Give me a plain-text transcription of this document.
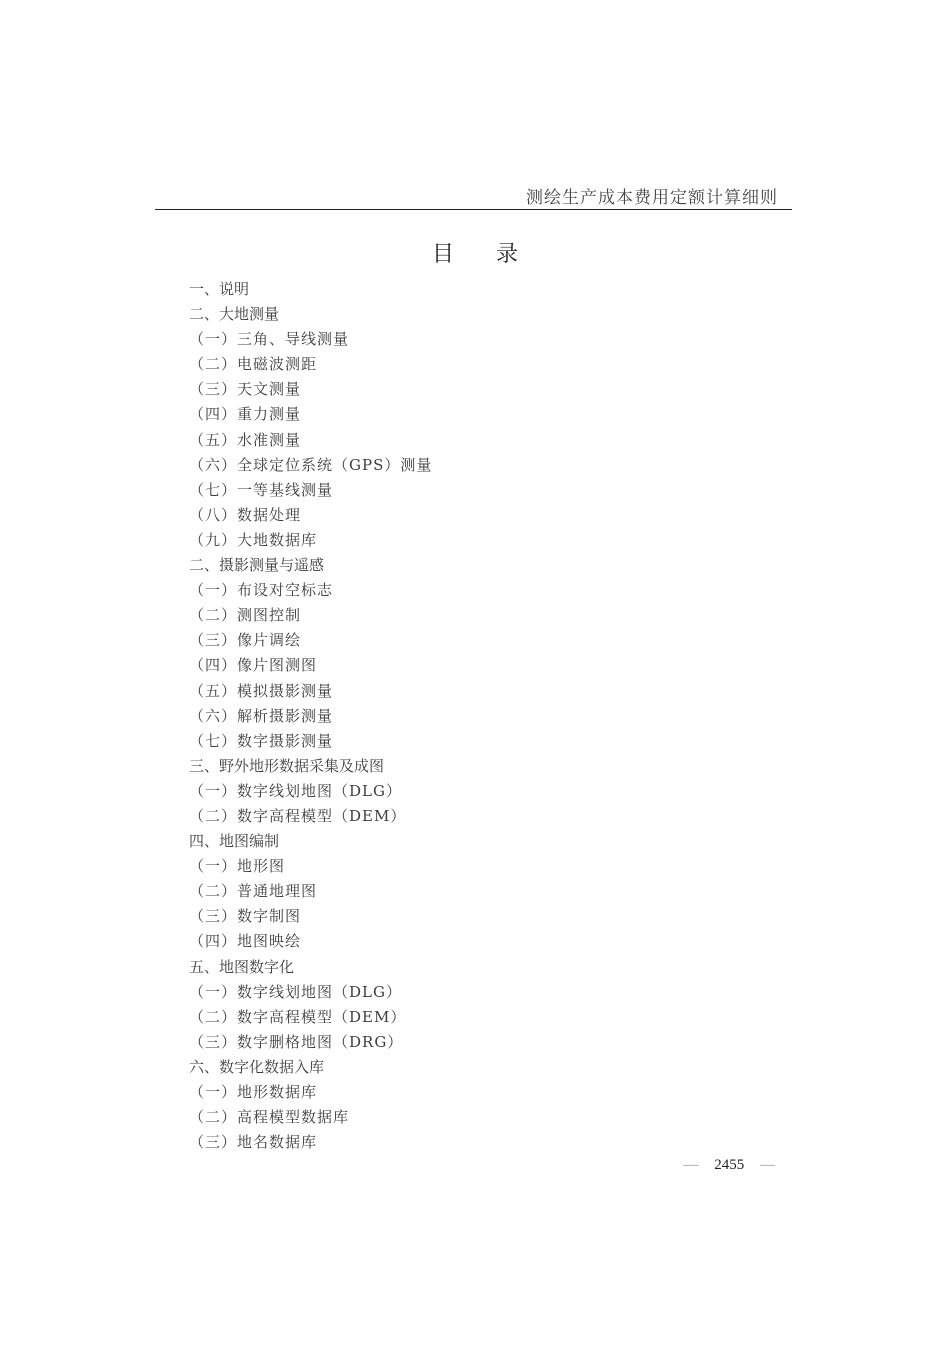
测绘生产成本费用定额计算细则
目 录
一、说明
二、大地测量
（一）三角、导线测量
（二）电磁波测距
（三）天文测量
（四）重力测量
（五）水准测量
（六）全球定位系统（GPS）测量
（七）一等基线测量
（八）数据处理
（九）大地数据库
二、摄影测量与遥感
（一）布设对空标志
（二）测图控制
（三）像片调绘
（四）像片图测图
（五）模拟摄影测量
（六）解析摄影测量
（七）数字摄影测量
三、野外地形数据采集及成图
（一）数字线划地图（DLG）
（二）数字高程模型（DEM）
四、地图编制
（一）地形图
（二）普通地理图
（三）数字制图
（四）地图映绘
五、地图数字化
（一）数字线划地图（DLG）
（二）数字高程模型（DEM）
（三）数字删格地图（DRG）
六、数字化数据入库
（一）地形数据库
（二）高程模型数据库
（三）地名数据库
— 2455 —
